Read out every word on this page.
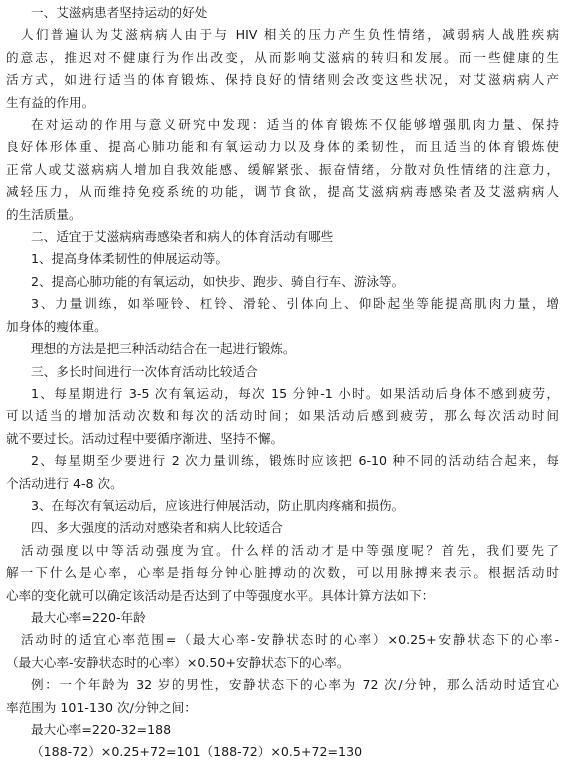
一、艾滋病患者坚持运动的好处
人们普遍认为艾滋病病人由于与 HIV 相关的压力产生负性情绪，减弱病人战胜疾病
的意志，推迟对不健康行为作出改变，从而影响艾滋病的转归和发展。而一些健康的生
活方式，如进行适当的体育锻炼、保持良好的情绪则会改变这些状况，对艾滋病病人产
生有益的作用。
在对运动的作用与意义研究中发现：适当的体育锻炼不仅能够增强肌肉力量、保持
良好体形体重、提高心肺功能和有氧运动力以及身体的柔韧性，而且适当的体育锻炼使
正常人或艾滋病病人增加自我效能感、缓解紧张、振奋情绪，分散对负性情绪的注意力，
减轻压力，从而维持免疫系统的功能，调节食欲，提高艾滋病病毒感染者及艾滋病病人
的生活质量。
二、适宜于艾滋病病毒感染者和病人的体育活动有哪些
1、提高身体柔韧性的伸展运动等。
2、提高心肺功能的有氧运动，如快步、跑步、骑自行车、游泳等。
3、力量训练，如举哑铃、杠铃、滑轮、引体向上、仰卧起坐等能提高肌肉力量，增
加身体的瘦体重。
理想的方法是把三种活动结合在一起进行锻炼。
三、多长时间进行一次体育活动比较适合
1、每星期进行 3-5 次有氧运动，每次 15 分钟-1 小时。如果活动后身体不感到疲劳，
可以适当的增加活动次数和每次的活动时间；如果活动后感到疲劳，那么每次活动时间
就不要过长。活动过程中要循序渐进、坚持不懈。
2、每星期至少要进行 2 次力量训练，锻炼时应该把 6-10 种不同的活动结合起来，每
个活动进行 4-8 次。
3、在每次有氧运动后，应该进行伸展活动，防止肌肉疼痛和损伤。
四、多大强度的活动对感染者和病人比较适合
活动强度以中等活动强度为宜。什么样的活动才是中等强度呢？首先，我们要先了
解一下什么是心率，心率是指每分钟心脏搏动的次数，可以用脉搏来表示。根据活动时
心率的变化就可以确定该活动是否达到了中等强度水平。具体计算方法如下：
最大心率=220-年龄
活动时的适宜心率范围=（最大心率-安静状态时的心率）×0.25+安静状态下的心率-
（最大心率-安静状态时的心率）×0.50+安静状态下的心率。
例：一个年龄为 32 岁的男性，安静状态下的心率为 72 次/分钟，那么活动时适宜心
率范围为 101-130 次/分钟之间：
最大心率=220-32=188
（188-72）×0.25+72=101（188-72）×0.5+72=130
